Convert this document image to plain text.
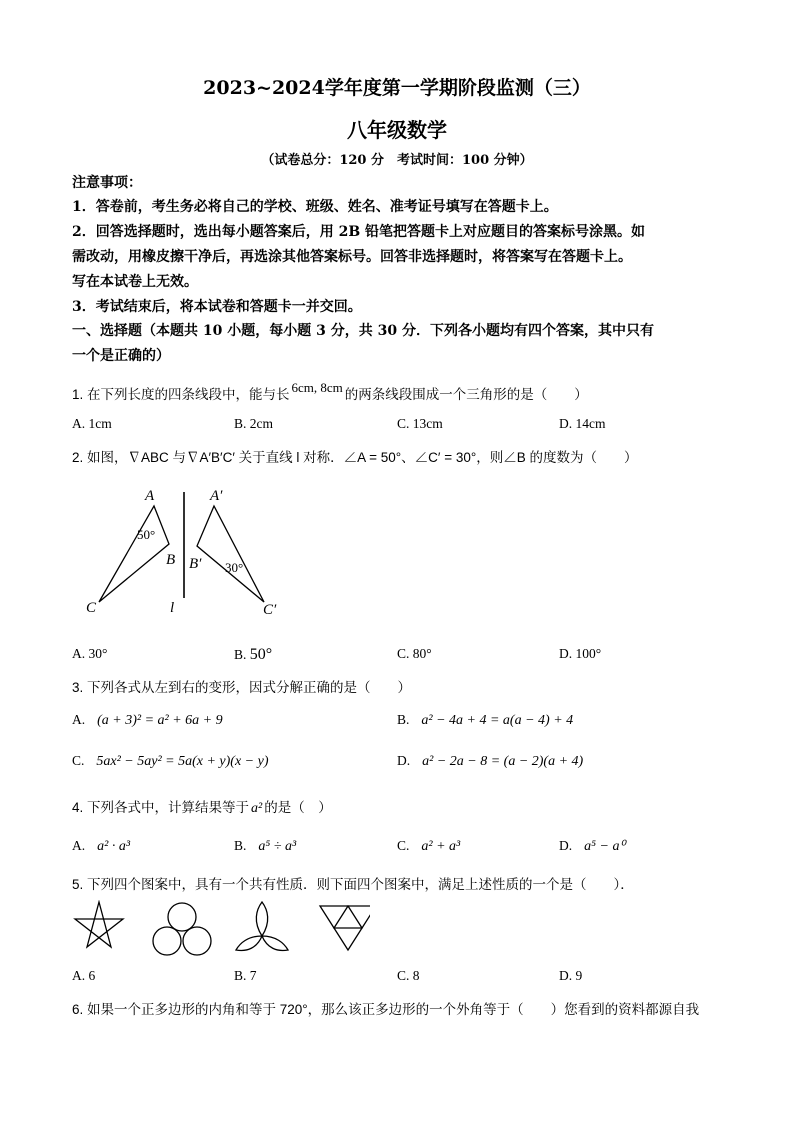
2023~2024学年度第一学期阶段监测（三）
八年级数学
（试卷总分：120 分　考试时间：100 分钟）
注意事项：
1．答卷前，考生务必将自己的学校、班级、姓名、准考证号填写在答题卡上。
2．回答选择题时，选出每小题答案后，用 2B 铅笔把答题卡上对应题目的答案标号涂黑。如
需改动，用橡皮擦干净后，再选涂其他答案标号。回答非选择题时，将答案写在答题卡上。
写在本试卷上无效。
3．考试结束后，将本试卷和答题卡一并交回。
一、选择题（本题共 10 小题，每小题 3 分，共 30 分．下列各小题均有四个答案，其中只有
一个是正确的）
1. 在下列长度的四条线段中，能与长 6cm, 8cm 的两条线段围成一个三角形的是（　　）
A. 1cm	B. 2cm	C. 13cm	D. 14cm
2. 如图，∇ABC 与∇A′B′C′ 关于直线 l 对称．∠A = 50°、∠C′ = 30°，则∠B 的度数为（　　）
A
50°
B
C	l
A′
B′ 30°
C′
A. 30°	B. 50°	C. 80°	D. 100°
3. 下列各式从左到右的变形，因式分解正确的是（　　）
A. (a + 3)² = a² + 6a + 9	B. a² − 4a + 4 = a(a − 4) + 4
C. 5ax² − 5ay² = 5a(x + y)(x − y)	D. a² − 2a − 8 = (a − 2)(a + 4)
4. 下列各式中，计算结果等于 a² 的是（　）
A. a² · a³	B. a⁵ ÷ a³	C. a² + a³	D. a⁵ − a⁰
5. 下列四个图案中，具有一个共有性质．则下面四个图案中，满足上述性质的一个是（　　）．
A. 6	B. 7	C. 8	D. 9
6. 如果一个正多边形的内角和等于 720°，那么该正多边形的一个外角等于（　　）您看到的资料都源自我
